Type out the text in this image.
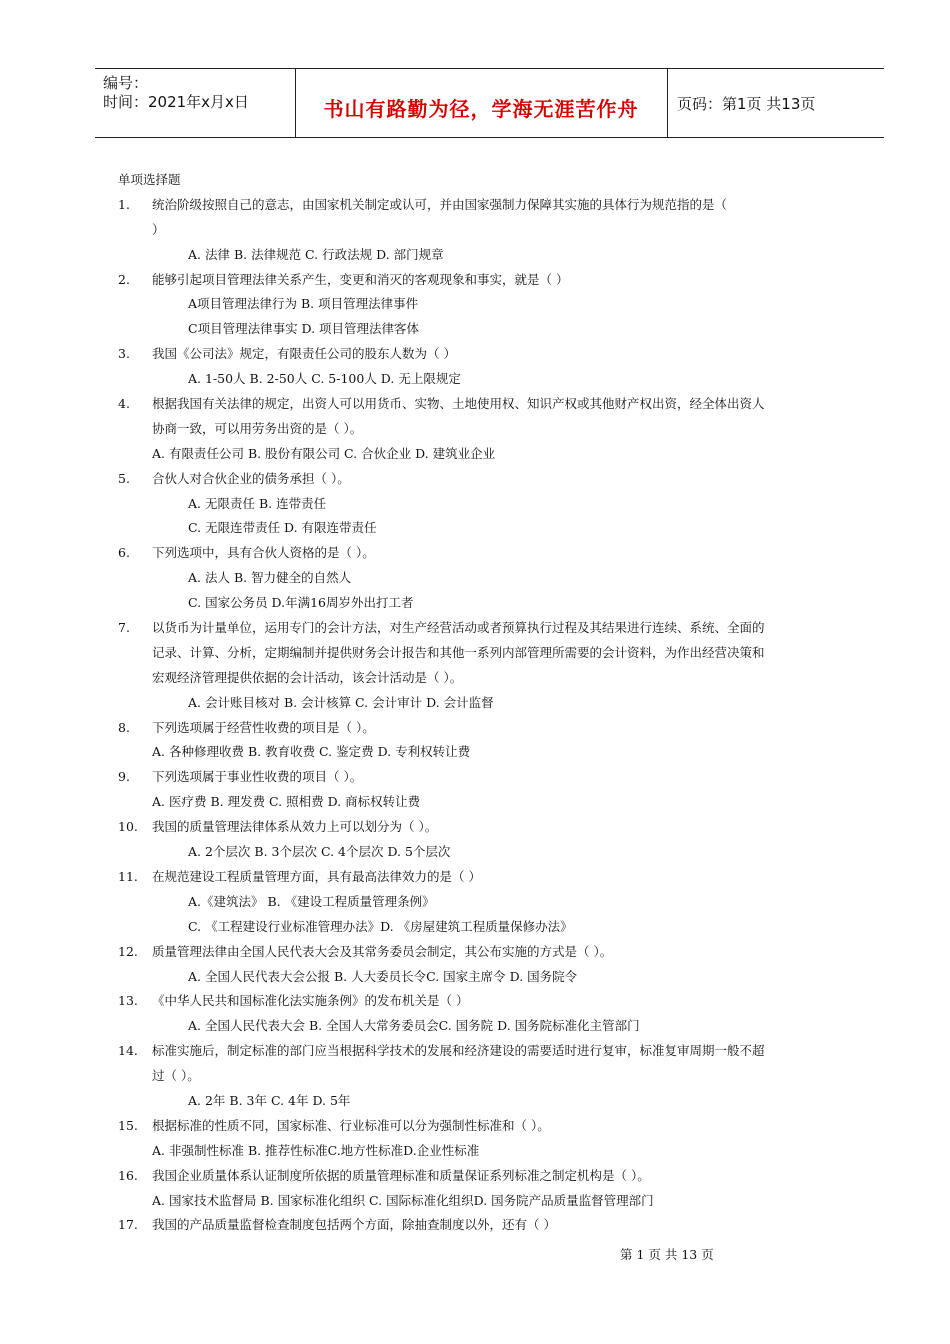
编号：
时间：2021年x月x日	书山有路勤为径，学海无涯苦作舟	页码：第1页 共13页
单项选择题
1. 统治阶级按照自己的意志，由国家机关制定或认可，并由国家强制力保障其实施的具体行为规范指的是（
）
A. 法律 B. 法律规范 C. 行政法规 D. 部门规章
2. 能够引起项目管理法律关系产生，变更和消灭的客观现象和事实，就是（ ）
A项目管理法律行为 B. 项目管理法律事件
C项目管理法律事实 D. 项目管理法律客体
3. 我国《公司法》规定，有限责任公司的股东人数为（ ）
A. 1-50人 B. 2-50人 C. 5-100人 D. 无上限规定
4. 根据我国有关法律的规定，出资人可以用货币、实物、土地使用权、知识产权或其他财产权出资，经全体出资人
协商一致，可以用劳务出资的是（ ）。
A. 有限责任公司 B. 股份有限公司 C. 合伙企业 D. 建筑业企业
5. 合伙人对合伙企业的债务承担（ ）。
A. 无限责任 B. 连带责任
C. 无限连带责任 D. 有限连带责任
6. 下列选项中，具有合伙人资格的是（ ）。
A. 法人 B. 智力健全的自然人
C. 国家公务员 D.年满16周岁外出打工者
7. 以货币为计量单位，运用专门的会计方法，对生产经营活动或者预算执行过程及其结果进行连续、系统、全面的
记录、计算、分析，定期编制并提供财务会计报告和其他一系列内部管理所需要的会计资料，为作出经营决策和
宏观经济管理提供依据的会计活动，该会计活动是（ ）。
A. 会计账目核对 B. 会计核算 C. 会计审计 D. 会计监督
8. 下列选项属于经营性收费的项目是（ ）。
A. 各种修理收费 B. 教育收费 C. 鉴定费 D. 专利权转让费
9. 下列选项属于事业性收费的项目（ ）。
A. 医疗费 B. 理发费 C. 照相费 D. 商标权转让费
10. 我国的质量管理法律体系从效力上可以划分为（ ）。
A. 2个层次 B. 3个层次 C. 4个层次 D. 5个层次
11. 在规范建设工程质量管理方面，具有最高法律效力的是（ ）
A.《建筑法》 B. 《建设工程质量管理条例》
C. 《工程建设行业标准管理办法》D. 《房屋建筑工程质量保修办法》
12. 质量管理法律由全国人民代表大会及其常务委员会制定，其公布实施的方式是（ ）。
A. 全国人民代表大会公报 B. 人大委员长令C. 国家主席令 D. 国务院令
13. 《中华人民共和国标准化法实施条例》的发布机关是（ ）
A. 全国人民代表大会 B. 全国人大常务委员会C. 国务院 D. 国务院标准化主管部门
14. 标准实施后，制定标准的部门应当根据科学技术的发展和经济建设的需要适时进行复审，标准复审周期一般不超
过（ ）。
A. 2年 B. 3年 C. 4年 D. 5年
15. 根据标准的性质不同，国家标准、行业标准可以分为强制性标准和（ ）。
A. 非强制性标准 B. 推荐性标准C.地方性标准D.企业性标准
16. 我国企业质量体系认证制度所依据的质量管理标准和质量保证系列标准之制定机构是（ ）。
A. 国家技术监督局 B. 国家标准化组织 C. 国际标准化组织D. 国务院产品质量监督管理部门
17. 我国的产品质量监督检查制度包括两个方面，除抽查制度以外，还有（ ）
第 1 页 共 13 页
